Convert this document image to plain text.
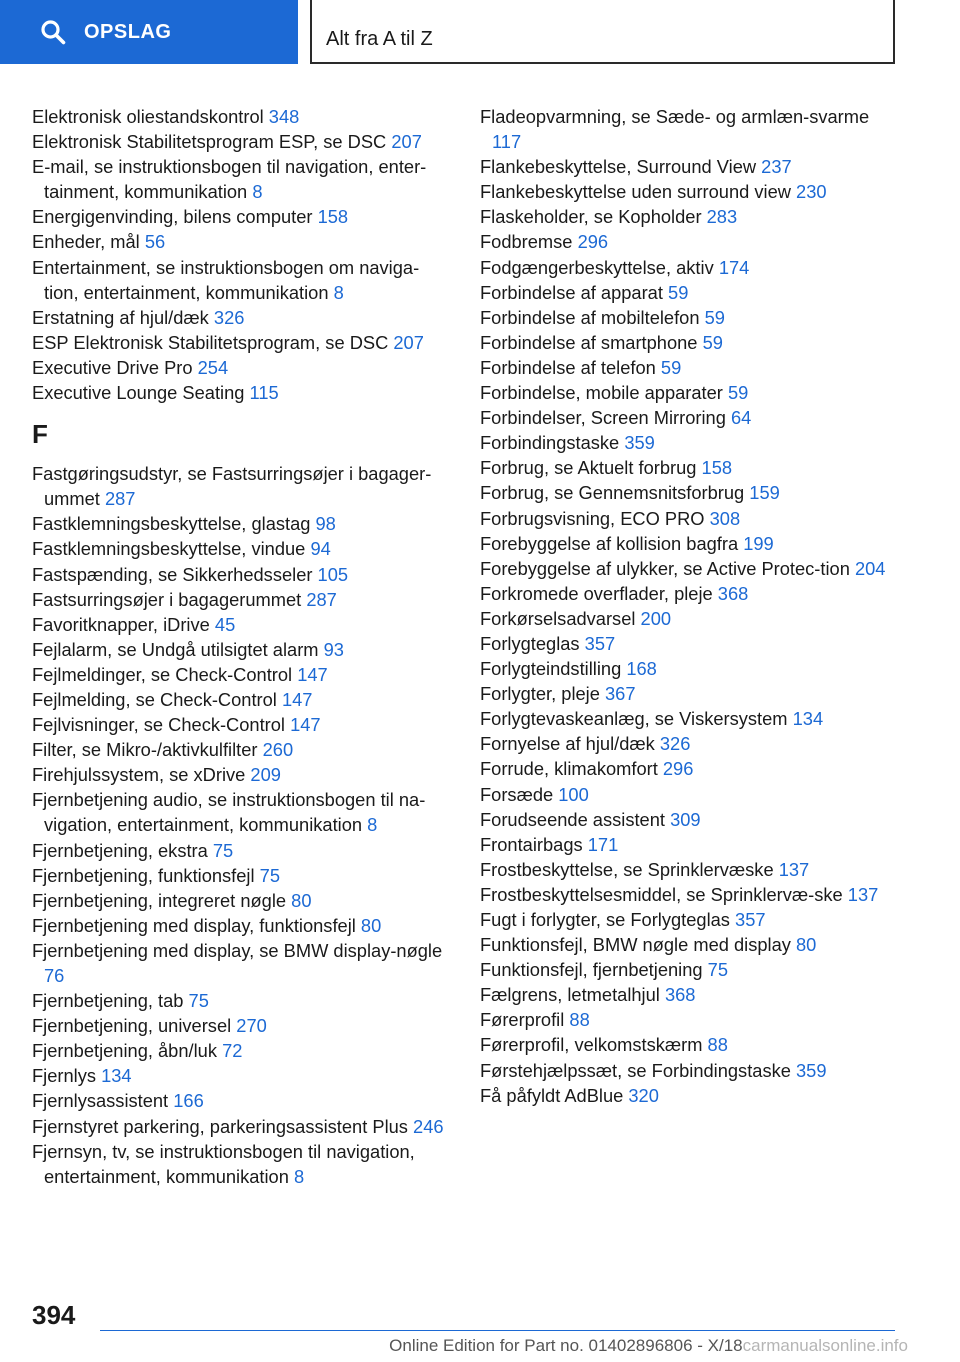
OPSLAG	Alt fra A til Z
Elektronisk oliestandskontrol 348
Elektronisk Stabilitetsprogram ESP, se DSC 207
E-mail, se instruktionsbogen til navigation, enter-tainment, kommunikation 8
Energigenvinding, bilens computer 158
Enheder, mål 56
Entertainment, se instruktionsbogen om naviga-tion, entertainment, kommunikation 8
Erstatning af hjul/dæk 326
ESP Elektronisk Stabilitetsprogram, se DSC 207
Executive Drive Pro 254
Executive Lounge Seating 115
F
Fastgøringsudstyr, se Fastsurringsøjer i bagager-ummet 287
Fastklemningsbeskyttelse, glastag 98
Fastklemningsbeskyttelse, vindue 94
Fastspænding, se Sikkerhedsseler 105
Fastsurringsøjer i bagagerummet 287
Favoritknapper, iDrive 45
Fejlalarm, se Undgå utilsigtet alarm 93
Fejlmeldinger, se Check-Control 147
Fejlmelding, se Check-Control 147
Fejlvisninger, se Check-Control 147
Filter, se Mikro-/aktivkulfilter 260
Firehjulssystem, se xDrive 209
Fjernbetjening audio, se instruktionsbogen til na-vigation, entertainment, kommunikation 8
Fjernbetjening, ekstra 75
Fjernbetjening, funktionsfejl 75
Fjernbetjening, integreret nøgle 80
Fjernbetjening med display, funktionsfejl 80
Fjernbetjening med display, se BMW display-nøgle 76
Fjernbetjening, tab 75
Fjernbetjening, universel 270
Fjernbetjening, åbn/luk 72
Fjernlys 134
Fjernlysassistent 166
Fjernstyret parkering, parkeringsassistent Plus 246
Fjernsyn, tv, se instruktionsbogen til navigation, entertainment, kommunikation 8
Fladeopvarmning, se Sæde- og armlæn-svarme 117
Flankebeskyttelse, Surround View 237
Flankebeskyttelse uden surround view 230
Flaskeholder, se Kopholder 283
Fodbremse 296
Fodgængerbeskyttelse, aktiv 174
Forbindelse af apparat 59
Forbindelse af mobiltelefon 59
Forbindelse af smartphone 59
Forbindelse af telefon 59
Forbindelse, mobile apparater 59
Forbindelser, Screen Mirroring 64
Forbindingstaske 359
Forbrug, se Aktuelt forbrug 158
Forbrug, se Gennemsnitsforbrug 159
Forbrugsvisning, ECO PRO 308
Forebyggelse af kollision bagfra 199
Forebyggelse af ulykker, se Active Protec-tion 204
Forkromede overflader, pleje 368
Forkørselsadvarsel 200
Forlygteglas 357
Forlygteindstilling 168
Forlygter, pleje 367
Forlygtevaskeanlæg, se Viskersystem 134
Fornyelse af hjul/dæk 326
Forrude, klimakomfort 296
Forsæde 100
Forudseende assistent 309
Frontairbags 171
Frostbeskyttelse, se Sprinklervæske 137
Frostbeskyttelsesmiddel, se Sprinklervæ-ske 137
Fugt i forlygter, se Forlygteglas 357
Funktionsfejl, BMW nøgle med display 80
Funktionsfejl, fjernbetjening 75
Fælgrens, letmetalhjul 368
Førerprofil 88
Førerprofil, velkomstskærm 88
Førstehjælpssæt, se Forbindingstaske 359
Få påfyldt AdBlue 320
394
Online Edition for Part no. 01402896806 - X/18carmanualsonline.info
